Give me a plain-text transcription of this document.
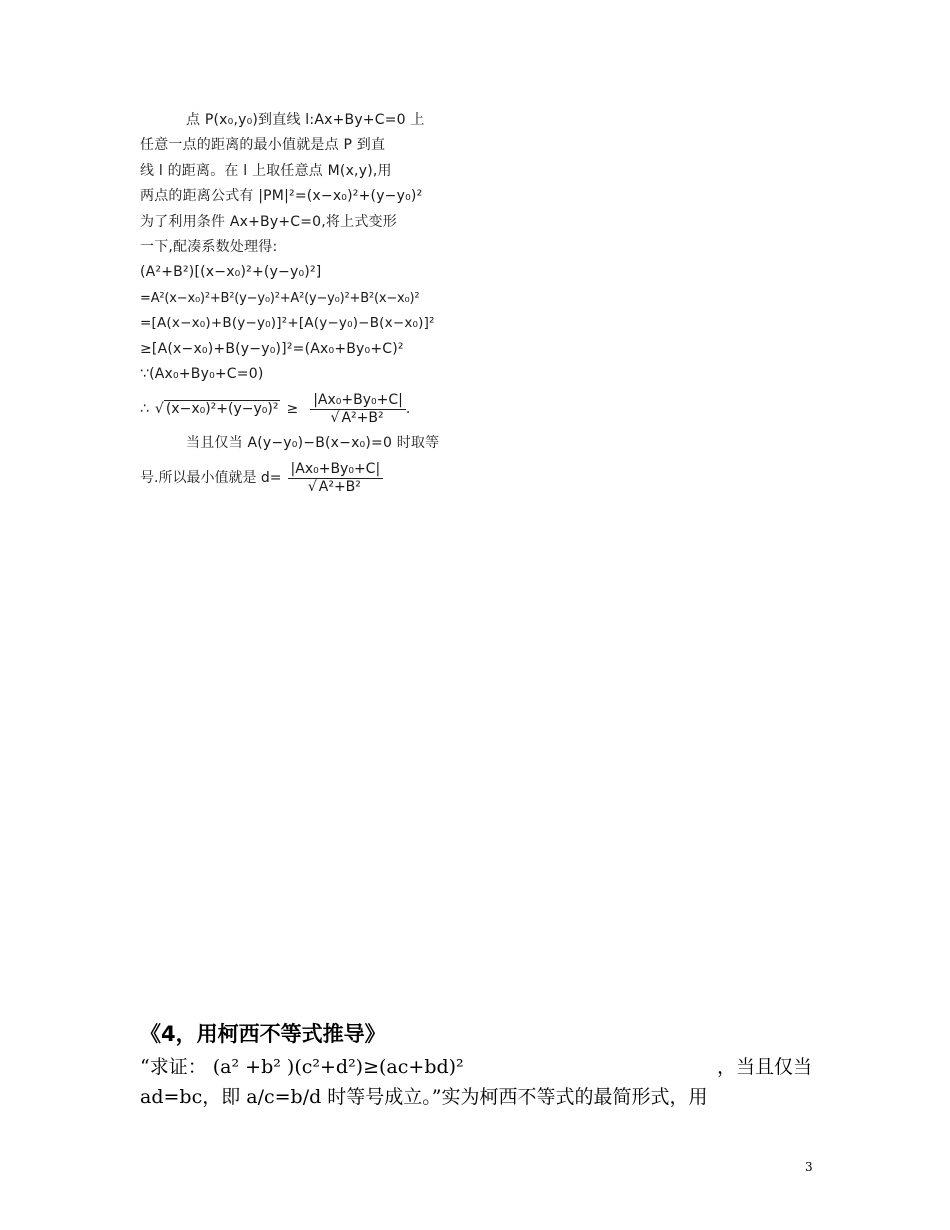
点 P(x₀,y₀)到直线 l:Ax+By+C=0 上
任意一点的距离的最小值就是点 P 到直
线 l 的距离。在 l 上取任意点 M(x,y),用
两点的距离公式有 |PM|²=(x−x₀)²+(y−y₀)²
为了利用条件 Ax+By+C=0,将上式变形
一下,配凑系数处理得:
(A²+B²)[(x−x₀)²+(y−y₀)²]
=A²(x−x₀)²+B²(y−y₀)²+A²(y−y₀)²+B²(x−x₀)²
=[A(x−x₀)+B(y−y₀)]²+[A(y−y₀)−B(x−x₀)]²
≥[A(x−x₀)+B(y−y₀)]²=(Ax₀+By₀+C)²
∵(Ax₀+By₀+C=0)
∴ √ $(x-x_0)^2+(y-y_0)^2 \ge \frac{\text{|Ax₀+By₀+C|}}{\text{√ A²+B²}}$ .
当且仅当 A(y−y₀)−B(x−x₀)=0 时取等
号.所以最小值就是 $d= \frac{\text{|Ax₀+By₀+C|}}{\text{√ A²+B²}}$
《4，用柯西不等式推导》
“求证： (a² +b² )(c²+d²)≥(ac+bd)²	，当且仅当
ad=bc，即 a/c=b/d 时等号成立。”实为柯西不等式的最简形式，用
3
